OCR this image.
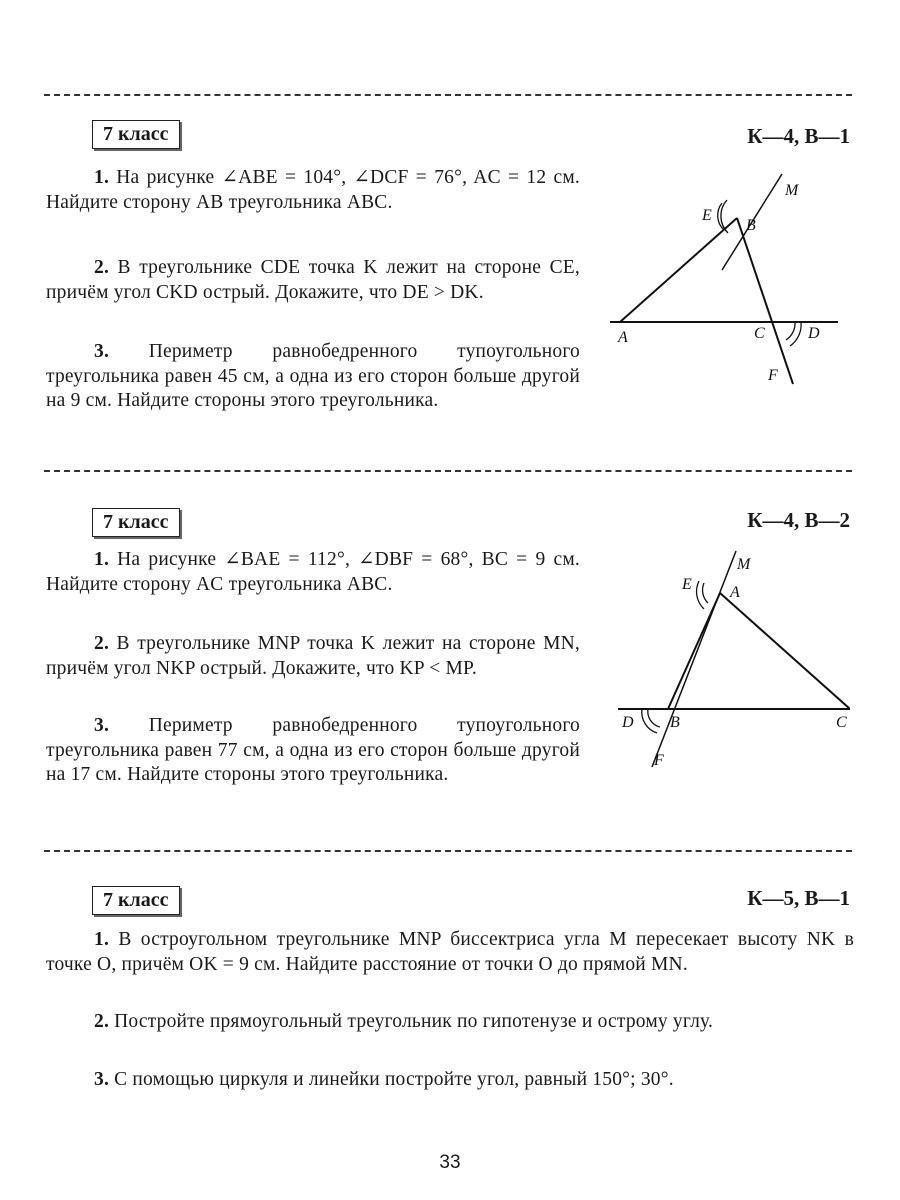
7 класс	К—4, В—1

1. На рисунке ∠ABE = 104°, ∠DCF = 76°, AC = 12 см. Найдите сторону AB треугольника ABC.

2. В треугольнике CDE точка K лежит на стороне CE, причём угол CKD острый. Докажите, что DE > DK.

3. Периметр равнобедренного тупоугольного треугольника равен 45 см, а одна из его сторон больше другой на 9 см. Найдите стороны этого треугольника.

M
E
B
A	C	D
F
7 класс	К—4, В—2

1. На рисунке ∠BAE = 112°, ∠DBF = 68°, BC = 9 см. Найдите сторону AC треугольника ABC.

2. В треугольнике MNP точка K лежит на стороне MN, причём угол NKP острый. Докажите, что KP < MP.

3. Периметр равнобедренного тупоугольного треугольника равен 77 см, а одна из его сторон больше другой на 17 см. Найдите стороны этого треугольника.

M
E A
D B	C
F
7 класс	К—5, В—1

1. В остроугольном треугольнике MNP биссектриса угла M пересекает высоту NK в точке O, причём OK = 9 см. Найдите расстояние от точки O до прямой MN.

2. Постройте прямоугольный треугольник по гипотенузе и острому углу.

3. С помощью циркуля и линейки постройте угол, равный 150°; 30°.

33
